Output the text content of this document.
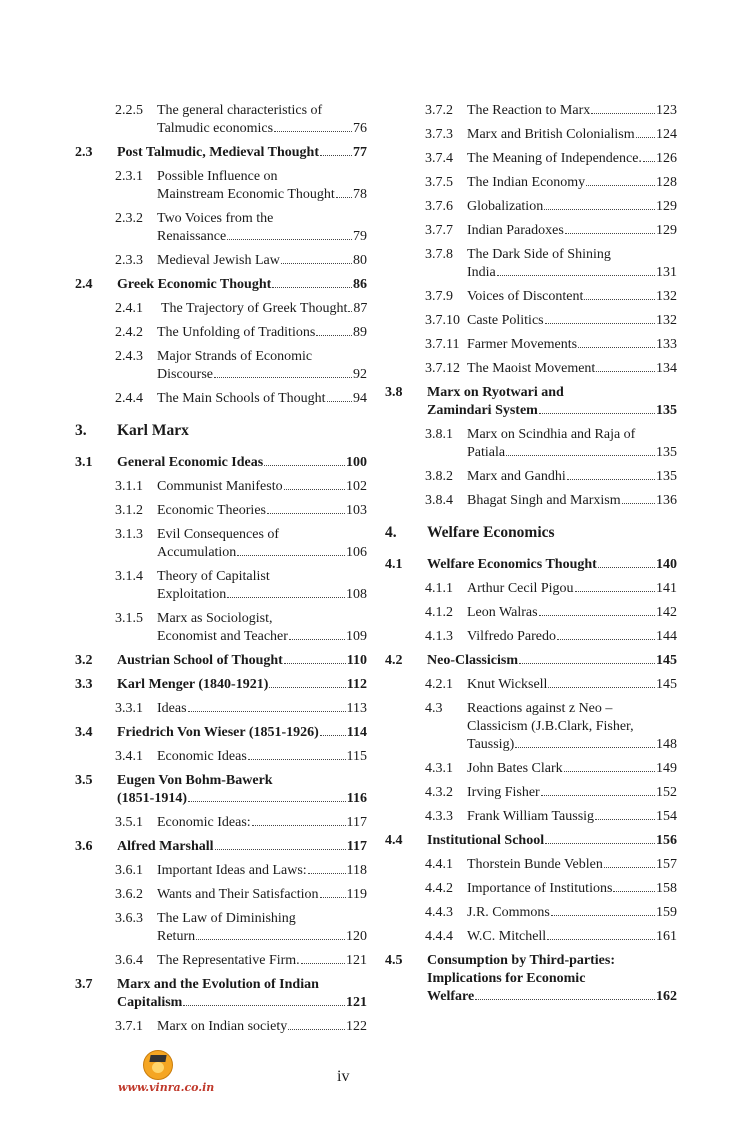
2.2.5	The general characteristics of
Talmudic economics	76
2.3	Post Talmudic, Medieval Thought 77
2.3.1	Possible Influence on
Mainstream Economic Thought 78
2.3.2	Two Voices from the
Renaissance	79
2.3.3	Medieval Jewish Law	80
2.4	Greek Economic Thought	86
2.4.1	The Trajectory of Greek Thought 87
2.4.2	The Unfolding of Traditions	89
2.4.3	Major Strands of Economic
Discourse	92
2.4.4	The Main Schools of Thought 94
3.	Karl Marx
3.1	General Economic Ideas	100
3.1.1	Communist Manifesto	102
3.1.2	Economic Theories	103
3.1.3	Evil Consequences of
Accumulation	106
3.1.4	Theory of Capitalist
Exploitation	108
3.1.5	Marx as Sociologist,
Economist and Teacher	109
3.2	Austrian School of Thought	110
3.3	Karl Menger (1840-1921)	112
3.3.1	Ideas	113
3.4	Friedrich Von Wieser (1851-1926) 114
3.4.1	Economic Ideas	115
3.5	Eugen Von Bohm-Bawerk
(1851-1914)	116
3.5.1	Economic Ideas:	117
3.6	Alfred Marshall	117
3.6.1	Important Ideas and Laws:	118
3.6.2	Wants and Their Satisfaction 119
3.6.3	The Law of Diminishing
Return	120
3.6.4	The Representative Firm.	121
3.7	Marx and the Evolution of Indian
Capitalism	121
3.7.1	Marx on Indian society	122
3.7.2	The Reaction to Marx	123
3.7.3	Marx and British Colonialism 124
3.7.4	The Meaning of Independence. 126
3.7.5	The Indian Economy	128
3.7.6	Globalization	129
3.7.7	Indian Paradoxes	129
3.7.8	The Dark Side of Shining
India	131
3.7.9	Voices of Discontent	132
3.7.10 Caste Politics	132
3.7.11 Farmer Movements	133
3.7.12 The Maoist Movement	134
3.8	Marx on Ryotwari and
Zamindari System	135
3.8.1	Marx on Scindhia and Raja of
Patiala	135
3.8.2	Marx and Gandhi	135
3.8.4	Bhagat Singh and Marxism	136
4.	Welfare Economics
4.1	Welfare Economics Thought	140
4.1.1	Arthur Cecil Pigou	141
4.1.2	Leon Walras	142
4.1.3	Vilfredo Paredo	144
4.2	Neo-Classicism	145
4.2.1	Knut Wicksell	145
4.3	Reactions against z Neo –
Classicism (J.B.Clark, Fisher,
Taussig)	148
4.3.1	John Bates Clark	149
4.3.2	Irving Fisher	152
4.3.3	Frank William Taussig	154
4.4	Institutional School	156
4.4.1	Thorstein Bunde Veblen	157
4.4.2	Importance of Institutions	158
4.4.3	J.R. Commons	159
4.4.4	W.C. Mitchell	161
4.5	Consumption by Third-parties:
Implications for Economic
Welfare	162
iv
www.vinra.co.in
